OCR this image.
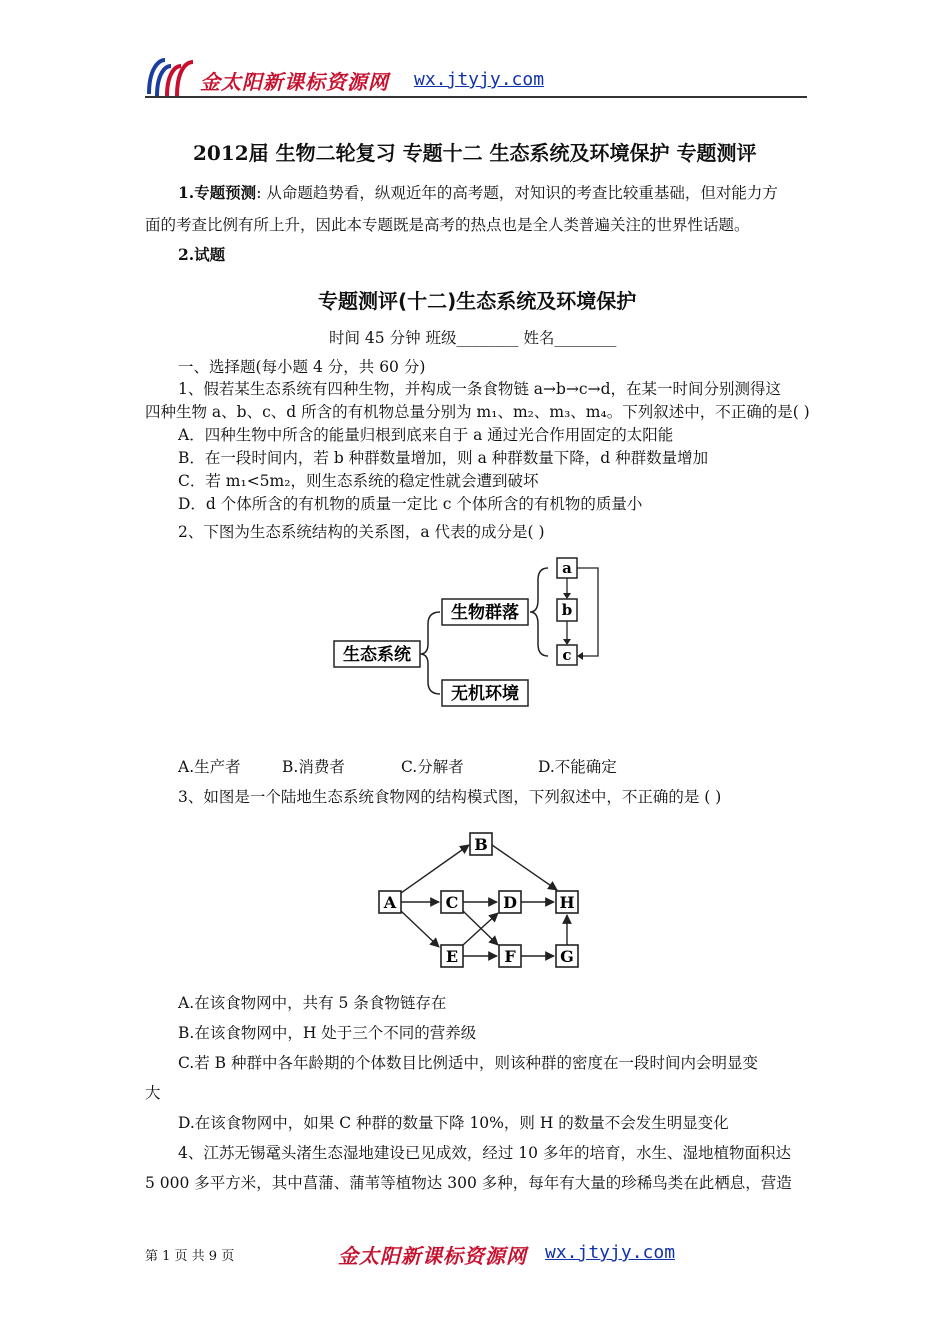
金太阳新课标资源网 wx.jtyjy.com
2012届 生物二轮复习 专题十二 生态系统及环境保护 专题测评
1.专题预测: 从命题趋势看，纵观近年的高考题，对知识的考查比较重基础，但对能力方
面的考查比例有所上升，因此本专题既是高考的热点也是全人类普遍关注的世界性话题。
2.试题
专题测评(十二)生态系统及环境保护
时间 45 分钟 班级________ 姓名________
一、选择题(每小题 4 分，共 60 分)
1、假若某生态系统有四种生物，并构成一条食物链 a→b→c→d，在某一时间分别测得这
四种生物 a、b、c、d 所含的有机物总量分别为 m₁、m₂、m₃、m₄。下列叙述中，不正确的是( )
A．四种生物中所含的能量归根到底来自于 a 通过光合作用固定的太阳能
B．在一段时间内，若 b 种群数量增加，则 a 种群数量下降，d 种群数量增加
C．若 m₁<5m₂，则生态系统的稳定性就会遭到破坏
D．d 个体所含的有机物的质量一定比 c 个体所含的有机物的质量小
2、下图为生态系统结构的关系图，a 代表的成分是( )
生态系统
生物群落
无机环境
a
b
c
A.生产者	B.消费者	C.分解者	D.不能确定
3、如图是一个陆地生态系统食物网的结构模式图，下列叙述中，不正确的是 ( )
A
B
C	D	H
E	F	G
A.在该食物网中，共有 5 条食物链存在
B.在该食物网中，H 处于三个不同的营养级
C.若 B 种群中各年龄期的个体数目比例适中，则该种群的密度在一段时间内会明显变
大
D.在该食物网中，如果 C 种群的数量下降 10%，则 H 的数量不会发生明显变化
4、江苏无锡鼋头渚生态湿地建设已见成效，经过 10 多年的培育，水生、湿地植物面积达
5 000 多平方米，其中菖蒲、蒲苇等植物达 300 多种，每年有大量的珍稀鸟类在此栖息，营造
第 1 页 共 9 页	金太阳新课标资源网 wx.jtyjy.com
